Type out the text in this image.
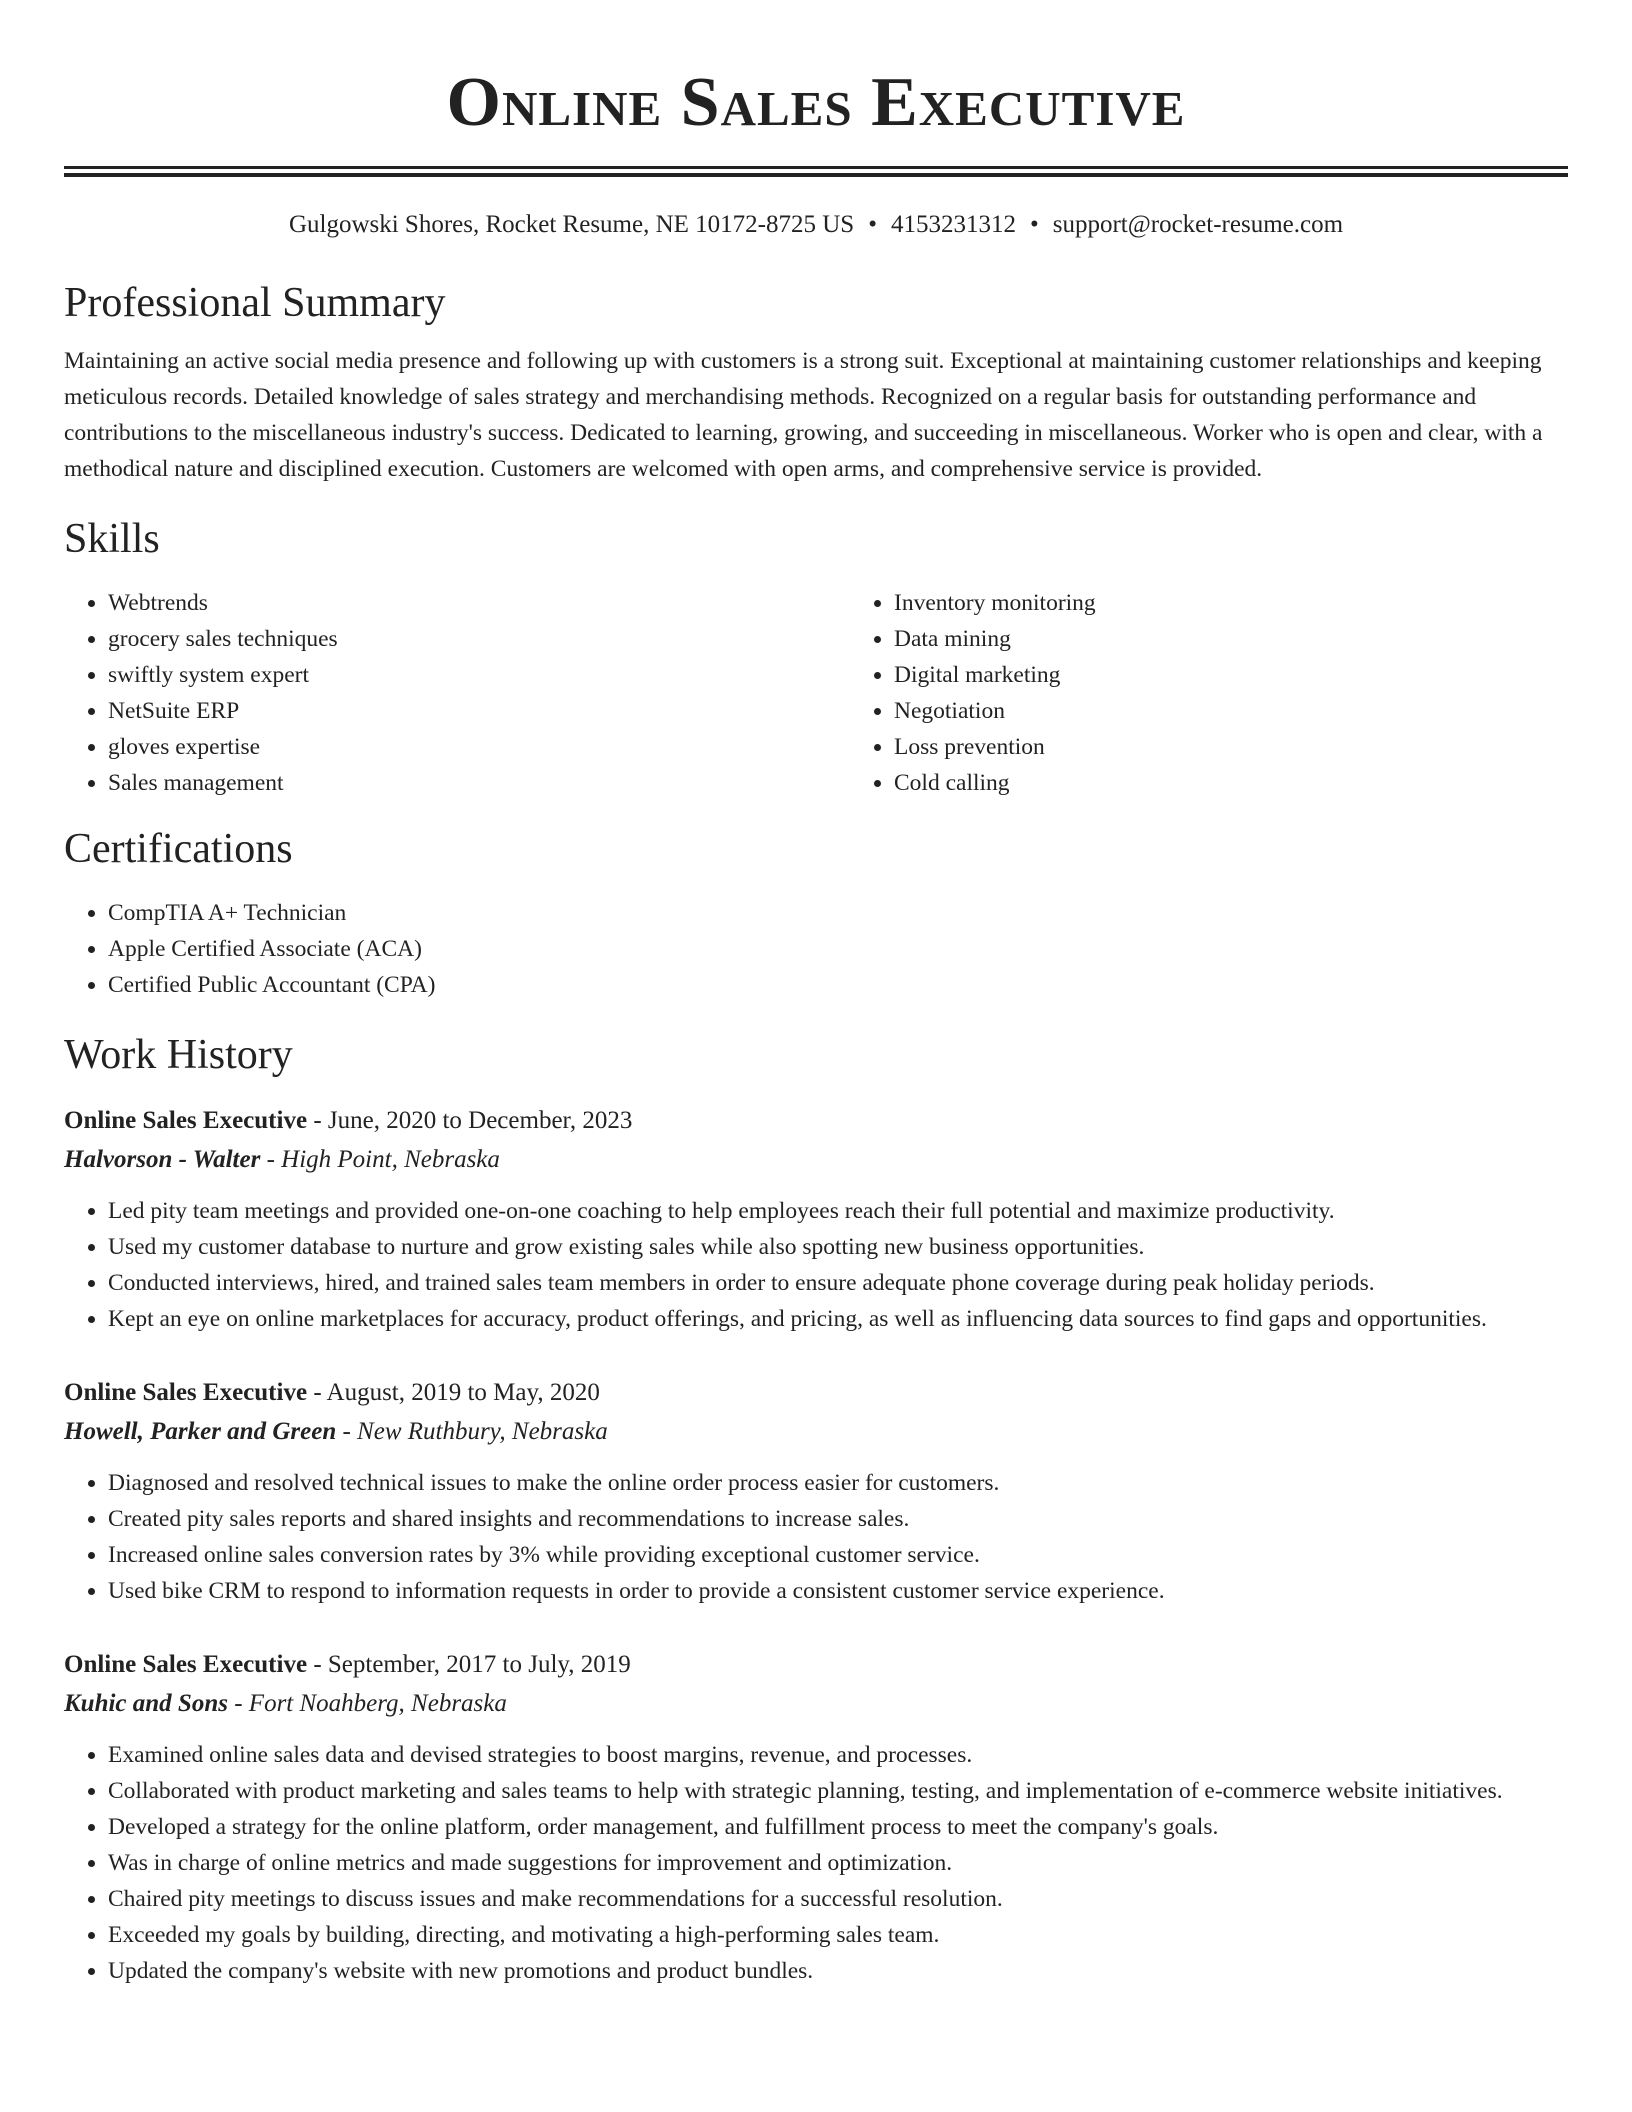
Online Sales Executive
Gulgowski Shores, Rocket Resume, NE 10172-8725 US • 4153231312 • support@rocket-resume.com
Professional Summary
Maintaining an active social media presence and following up with customers is a strong suit. Exceptional at maintaining customer relationships and keeping meticulous records. Detailed knowledge of sales strategy and merchandising methods. Recognized on a regular basis for outstanding performance and contributions to the miscellaneous industry's success. Dedicated to learning, growing, and succeeding in miscellaneous. Worker who is open and clear, with a methodical nature and disciplined execution. Customers are welcomed with open arms, and comprehensive service is provided.
Skills
• Webtrends
• grocery sales techniques
• swiftly system expert
• NetSuite ERP
• gloves expertise
• Sales management
• Inventory monitoring
• Data mining
• Digital marketing
• Negotiation
• Loss prevention
• Cold calling
Certifications
• CompTIA A+ Technician
• Apple Certified Associate (ACA)
• Certified Public Accountant (CPA)
Work History
Online Sales Executive - June, 2020 to December, 2023
Halvorson - Walter - High Point, Nebraska
• Led pity team meetings and provided one-on-one coaching to help employees reach their full potential and maximize productivity.
• Used my customer database to nurture and grow existing sales while also spotting new business opportunities.
• Conducted interviews, hired, and trained sales team members in order to ensure adequate phone coverage during peak holiday periods.
• Kept an eye on online marketplaces for accuracy, product offerings, and pricing, as well as influencing data sources to find gaps and opportunities.
Online Sales Executive - August, 2019 to May, 2020
Howell, Parker and Green - New Ruthbury, Nebraska
• Diagnosed and resolved technical issues to make the online order process easier for customers.
• Created pity sales reports and shared insights and recommendations to increase sales.
• Increased online sales conversion rates by 3% while providing exceptional customer service.
• Used bike CRM to respond to information requests in order to provide a consistent customer service experience.
Online Sales Executive - September, 2017 to July, 2019
Kuhic and Sons - Fort Noahberg, Nebraska
• Examined online sales data and devised strategies to boost margins, revenue, and processes.
• Collaborated with product marketing and sales teams to help with strategic planning, testing, and implementation of e-commerce website initiatives.
• Developed a strategy for the online platform, order management, and fulfillment process to meet the company's goals.
• Was in charge of online metrics and made suggestions for improvement and optimization.
• Chaired pity meetings to discuss issues and make recommendations for a successful resolution.
• Exceeded my goals by building, directing, and motivating a high-performing sales team.
• Updated the company's website with new promotions and product bundles.
